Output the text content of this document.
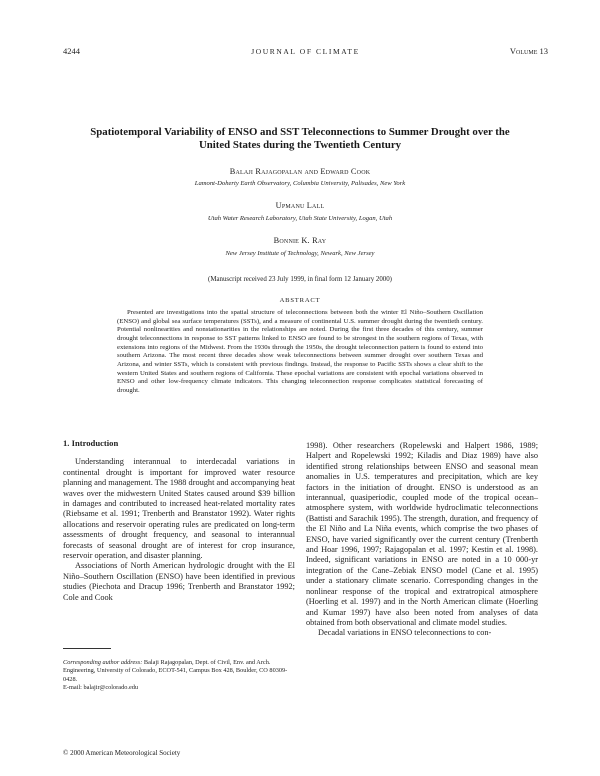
4244	JOURNAL OF CLIMATE	Volume 13
Spatiotemporal Variability of ENSO and SST Teleconnections to Summer Drought over the United States during the Twentieth Century
Balaji Rajagopalan and Edward Cook
Lamont-Doherty Earth Observatory, Columbia University, Palisades, New York
Upmanu Lall
Utah Water Research Laboratory, Utah State University, Logan, Utah
Bonnie K. Ray
New Jersey Institute of Technology, Newark, New Jersey
(Manuscript received 23 July 1999, in final form 12 January 2000)
ABSTRACT
Presented are investigations into the spatial structure of teleconnections between both the winter El Niño–Southern Oscillation (ENSO) and global sea surface temperatures (SSTs), and a measure of continental U.S. summer drought during the twentieth century. Potential nonlinearities and nonstationarities in the relationships are noted. During the first three decades of this century, summer drought teleconnections in response to SST patterns linked to ENSO are found to be strongest in the southern regions of Texas, with extensions into regions of the Midwest. From the 1930s through the 1950s, the drought teleconnection pattern is found to extend into southern Arizona. The most recent three decades show weak teleconnections between summer drought over southern Texas and Arizona, and winter SSTs, which is consistent with previous findings. Instead, the response to Pacific SSTs shows a clear shift to the western United States and southern regions of California. These epochal variations are consistent with epochal variations observed in ENSO and other low-frequency climate indicators. This changing teleconnection response complicates statistical forecasting of drought.
1. Introduction

Understanding interannual to interdecadal variations in continental drought is important for improved water resource planning and management. The 1988 drought and accompanying heat waves over the midwestern United States caused around $39 billion in damages and contributed to increased heat-related mortality rates (Riebsame et al. 1991; Trenberth and Branstator 1992). Water rights allocations and reservoir operating rules are predicated on long-term assessments of drought frequency, and seasonal to interannual forecasts of seasonal drought are of interest for crop insurance, reservoir operation, and disaster planning.

Associations of North American hydrologic drought with the El Niño–Southern Oscillation (ENSO) have been identified in previous studies (Piechota and Dracup 1996; Trenberth and Branstator 1992; Cole and Cook

1998). Other researchers (Ropelewski and Halpert 1986, 1989; Halpert and Ropelewski 1992; Kiladis and Diaz 1989) have also identified strong relationships between ENSO and seasonal mean anomalies in U.S. temperatures and precipitation, which are key factors in the initiation of drought. ENSO is understood as an interannual, quasiperiodic, coupled mode of the tropical ocean–atmosphere system, with worldwide hydroclimatic teleconnections (Battisti and Sarachik 1995). The strength, duration, and frequency of the El Niño and La Niña events, which comprise the two phases of ENSO, have varied significantly over the current century (Trenberth and Hoar 1996, 1997; Rajagopalan et al. 1997; Kestin et al. 1998). Indeed, significant variations in ENSO are noted in a 10 000-yr integration of the Cane–Zebiak ENSO model (Cane et al. 1995) under a stationary climate scenario. Corresponding changes in the nonlinear response of the tropical and extratropical atmosphere (Hoerling et al. 1997) and in the North American climate (Hoerling and Kumar 1997) have also been noted from analyses of data obtained from both observational and climate model studies.

Decadal variations in ENSO teleconnections to con-

Corresponding author address: Balaji Rajagopalan, Dept. of Civil, Env. and Arch. Engineering, University of Colorado, ECOT-541, Campus Box 428, Boulder, CO 80309-0428.
E-mail: balajir@colorado.edu
© 2000 American Meteorological Society
